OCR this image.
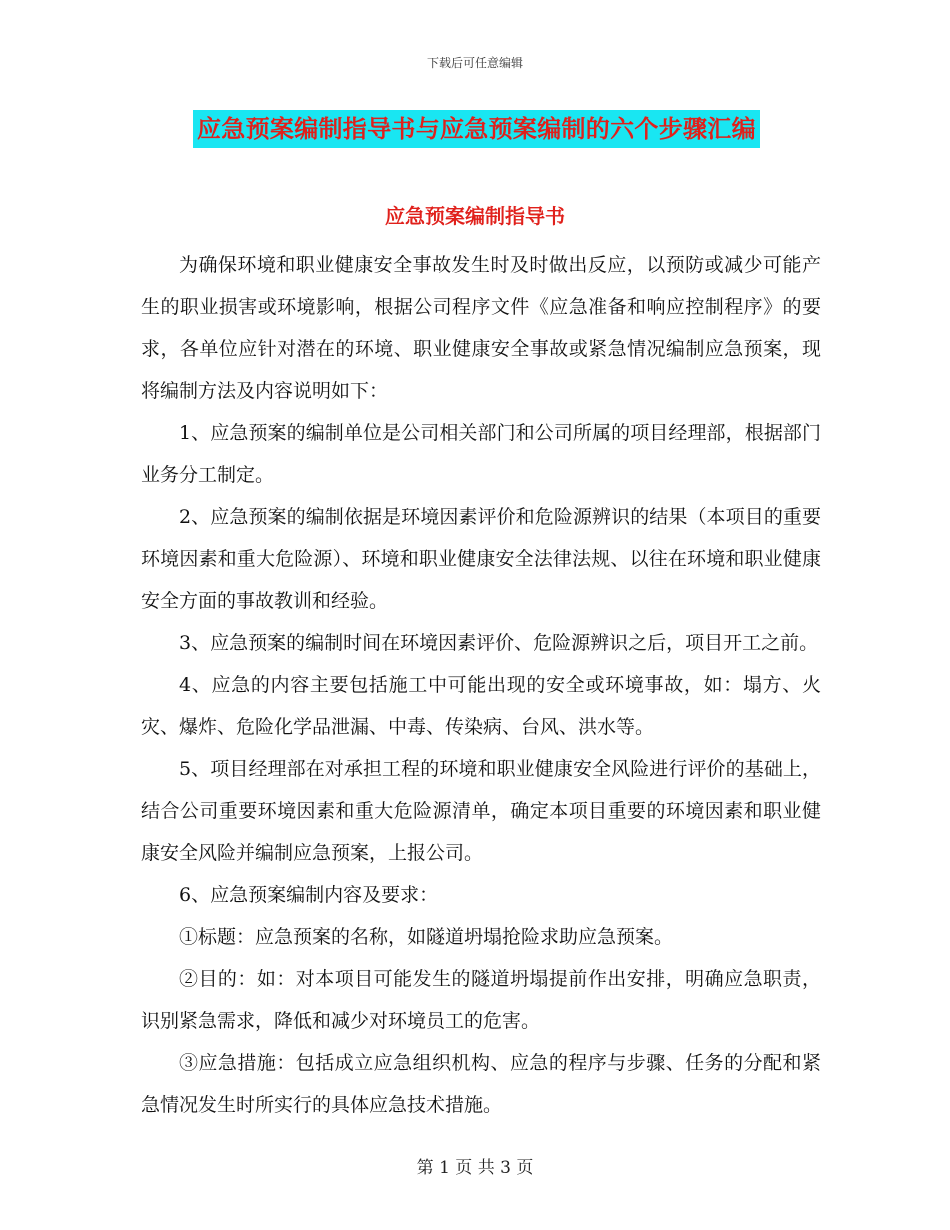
下载后可任意编辑
应急预案编制指导书与应急预案编制的六个步骤汇编
应急预案编制指导书

为确保环境和职业健康安全事故发生时及时做出反应，以预防或减少可能产生的职业损害或环境影响，根据公司程序文件《应急准备和响应控制程序》的要求，各单位应针对潜在的环境、职业健康安全事故或紧急情况编制应急预案，现将编制方法及内容说明如下：

1、应急预案的编制单位是公司相关部门和公司所属的项目经理部，根据部门业务分工制定。

2、应急预案的编制依据是环境因素评价和危险源辨识的结果（本项目的重要环境因素和重大危险源）、环境和职业健康安全法律法规、以往在环境和职业健康安全方面的事故教训和经验。

3、应急预案的编制时间在环境因素评价、危险源辨识之后，项目开工之前。

4、应急的内容主要包括施工中可能出现的安全或环境事故，如：塌方、火灾、爆炸、危险化学品泄漏、中毒、传染病、台风、洪水等。

5、项目经理部在对承担工程的环境和职业健康安全风险进行评价的基础上，结合公司重要环境因素和重大危险源清单，确定本项目重要的环境因素和职业健康安全风险并编制应急预案，上报公司。

6、应急预案编制内容及要求：

①标题：应急预案的名称，如隧道坍塌抢险求助应急预案。

②目的：如：对本项目可能发生的隧道坍塌提前作出安排，明确应急职责，识别紧急需求，降低和减少对环境员工的危害。

③应急措施：包括成立应急组织机构、应急的程序与步骤、任务的分配和紧急情况发生时所实行的具体应急技术措施。

第 1 页 共 3 页
